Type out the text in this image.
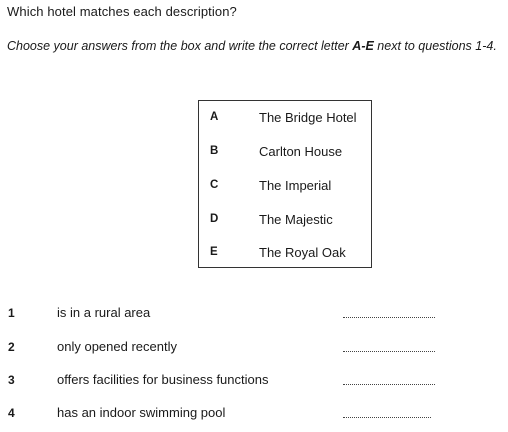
Which hotel matches each description?
Choose your answers from the box and write the correct letter A-E next to questions 1-4.
A	The Bridge Hotel
B	Carlton House
C	The Imperial
D	The Majestic
E	The Royal Oak
1	is in a rural area
2	only opened recently
3	offers facilities for business functions
4	has an indoor swimming pool
